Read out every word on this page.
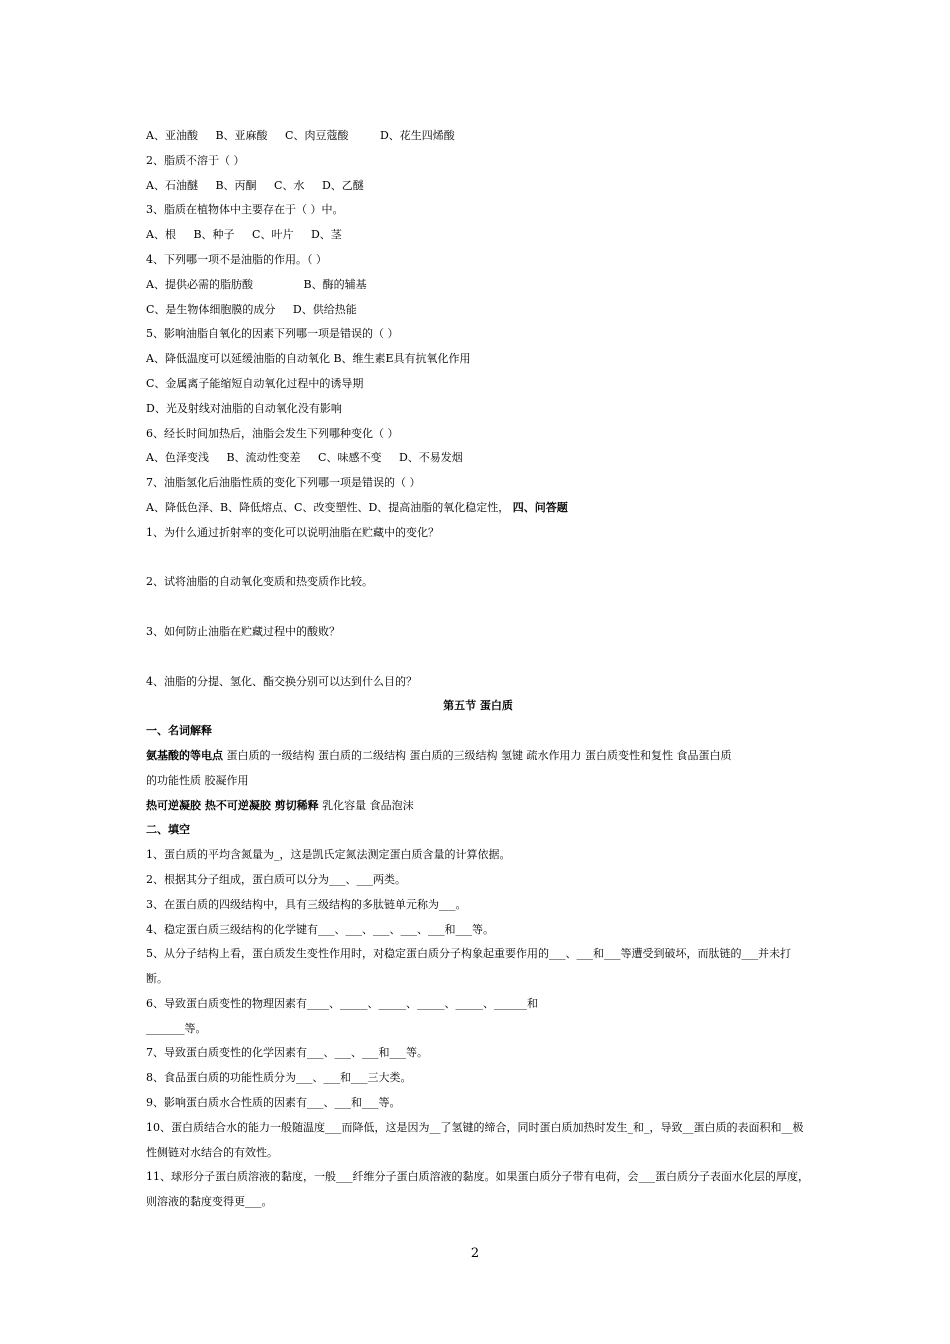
A、亚油酸 B、亚麻酸 C、肉豆蔻酸	D、花生四烯酸
2、脂质不溶于（ ）
A、石油醚 B、丙酮 C、水 D、乙醚
3、脂质在植物体中主要存在于（ ）中。
A、根 B、种子 C、叶片 D、茎
4、下列哪一项不是油脂的作用。（ ）
A、提供必需的脂肪酸	B、酶的辅基
C、是生物体细胞膜的成分 D、供给热能
5、影响油脂自氧化的因素下列哪一项是错误的（ ）
A、降低温度可以延缓油脂的自动氧化 B、维生素E具有抗氧化作用
C、金属离子能缩短自动氧化过程中的诱导期
D、光及射线对油脂的自动氧化没有影响
6、经长时间加热后，油脂会发生下列哪种变化（ ）
A、色泽变浅 B、流动性变差 C、味感不变 D、不易发烟
7、油脂氢化后油脂性质的变化下列哪一项是错误的（ ）
A、降低色泽、B、降低熔点、C、改变塑性、D、提高油脂的氧化稳定性， 四、问答题
1、为什么通过折射率的变化可以说明油脂在贮藏中的变化？
2、试将油脂的自动氧化变质和热变质作比较。
3、如何防止油脂在贮藏过程中的酸败？
4、油脂的分提、氢化、酯交换分别可以达到什么目的？
第五节 蛋白质
一、名词解释
氨基酸的等电点 蛋白质的一级结构 蛋白质的二级结构 蛋白质的三级结构 氢键 疏水作用力 蛋白质变性和复性 食品蛋白质
的功能性质 胶凝作用
热可逆凝胶 热不可逆凝胶 剪切稀释 乳化容量 食品泡沫
二、填空
1、蛋白质的平均含氮量为_，这是凯氏定氮法测定蛋白质含量的计算依据。
2、根据其分子组成，蛋白质可以分为___、___两类。
3、在蛋白质的四级结构中，具有三级结构的多肽链单元称为___。
4、稳定蛋白质三级结构的化学键有___、___、___、___、___和___等。
5、从分子结构上看，蛋白质发生变性作用时，对稳定蛋白质分子构象起重要作用的___、___和___等遭受到破坏，而肽链的___并未打断。
6、导致蛋白质变性的物理因素有____、_____、_____、_____、_____、______和
_______等。
7、导致蛋白质变性的化学因素有___、___、___和___等。
8、食品蛋白质的功能性质分为___、___和___三大类。
9、影响蛋白质水合性质的因素有___、___和___等。
10、蛋白质结合水的能力一般随温度___而降低，这是因为__了氢键的缔合，同时蛋白质加热时发生_和_，导致__蛋白质的表面积和__极性侧链对水结合的有效性。
11、球形分子蛋白质溶液的黏度，一般___纤维分子蛋白质溶液的黏度。如果蛋白质分子带有电荷，会___蛋白质分子表面水化层的厚度，则溶液的黏度变得更___。
2
